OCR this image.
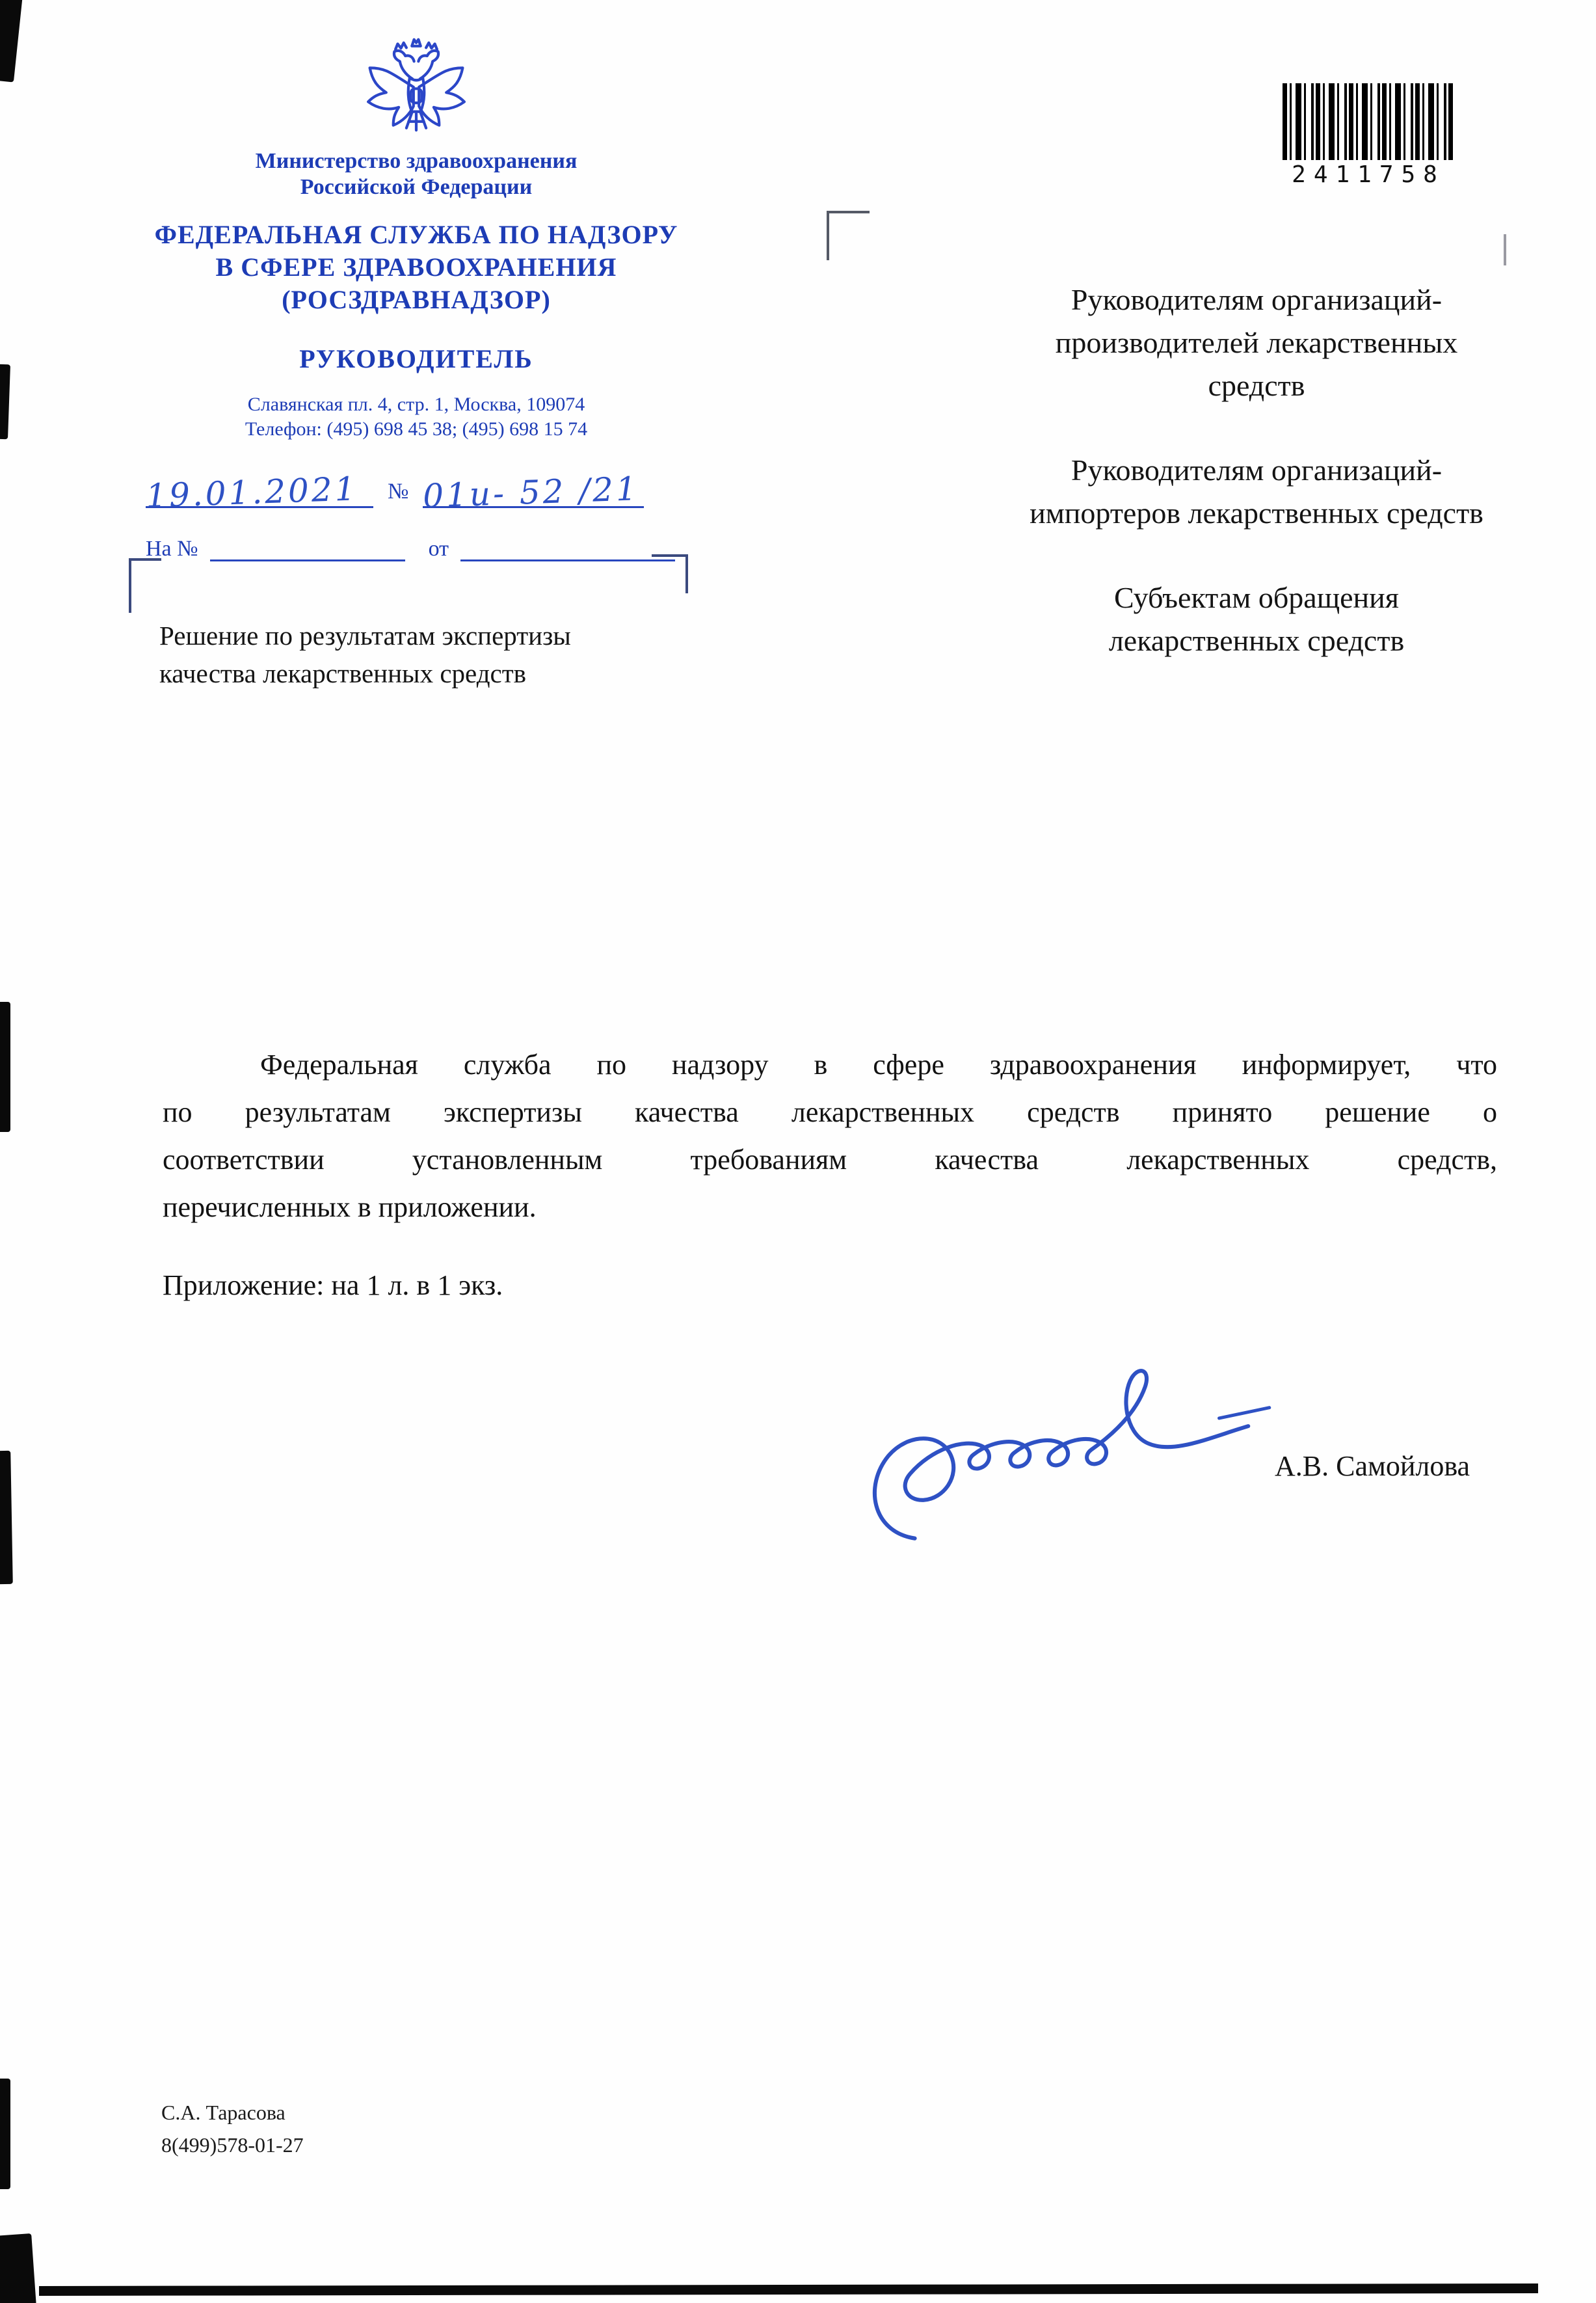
Министерство здравоохранения
Российской Федерации
ФЕДЕРАЛЬНАЯ СЛУЖБА ПО НАДЗОРУ
В СФЕРЕ ЗДРАВООХРАНЕНИЯ
(РОСЗДРАВНАДЗОР)
РУКОВОДИТЕЛЬ
Славянская пл. 4, стр. 1, Москва, 109074
Телефон: (495) 698 45 38; (495) 698 15 74
19.01.2021	№ 01и- 52 /21
На №	от
2411758
Руководителям организаций-
производителей лекарственных
средств
Руководителям организаций-
импортеров лекарственных средств
Субъектам обращения
лекарственных средств
Решение по результатам экспертизы
качества лекарственных средств
Федеральная служба по надзору в сфере здравоохранения информирует, что
по результатам экспертизы качества лекарственных средств принято решение о
соответствии установленным требованиям качества лекарственных средств,
перечисленных в приложении.
Приложение: на 1 л. в 1 экз.
А.В. Самойлова
С.А. Тарасова
8(499)578-01-27
